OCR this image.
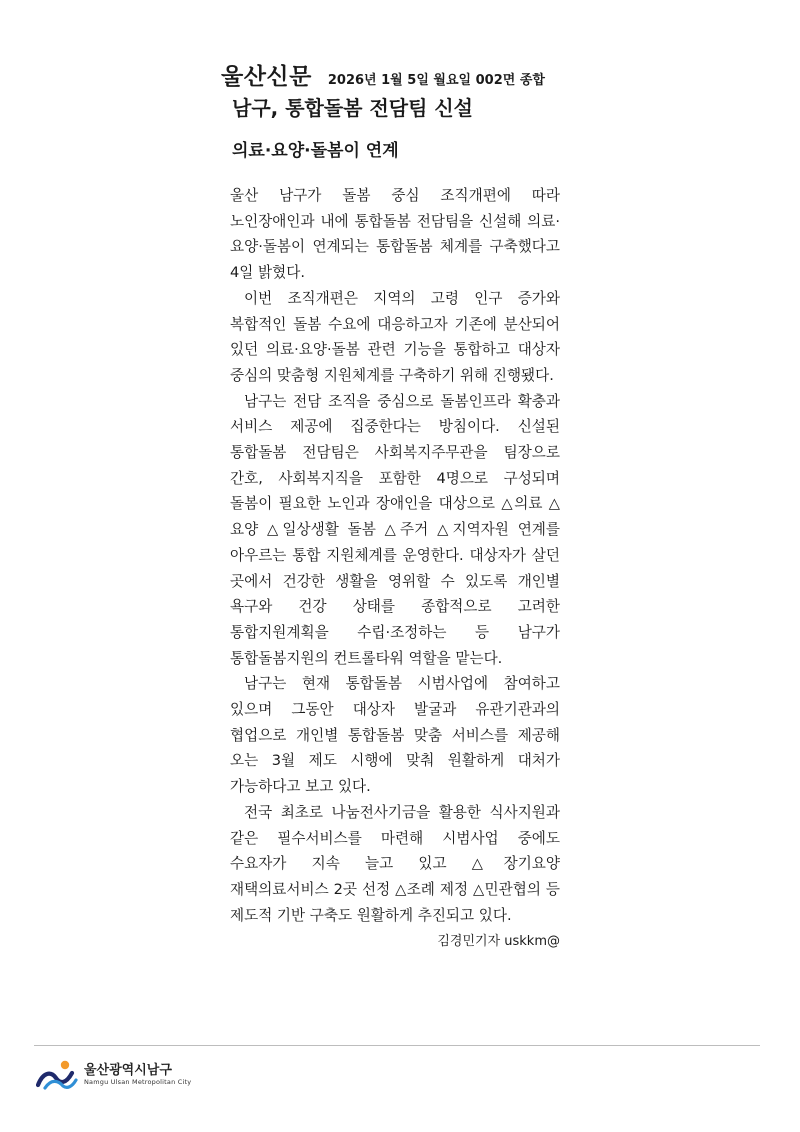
울산신문 2026년 1월 5일 월요일 002면 종합
남구, 통합돌봄 전담팀 신설
의료·요양·돌봄이 연계

울산 남구가 돌봄 중심 조직개편에 따라 노인장애인과 내에 통합돌봄 전담팀을 신설해 의료·요양·돌봄이 연계되는 통합돌봄 체계를 구축했다고 4일 밝혔다.

이번 조직개편은 지역의 고령 인구 증가와 복합적인 돌봄 수요에 대응하고자 기존에 분산되어 있던 의료·요양·돌봄 관련 기능을 통합하고 대상자 중심의 맞춤형 지원체계를 구축하기 위해 진행됐다.

남구는 전담 조직을 중심으로 돌봄인프라 확충과 서비스 제공에 집중한다는 방침이다. 신설된 통합돌봄 전담팀은 사회복지주무관을 팀장으로 간호, 사회복지직을 포함한 4명으로 구성되며 돌봄이 필요한 노인과 장애인을 대상으로 △의료 △요양 △일상생활 돌봄 △주거 △지역자원 연계를 아우르는 통합 지원체계를 운영한다. 대상자가 살던 곳에서 건강한 생활을 영위할 수 있도록 개인별 욕구와 건강 상태를 종합적으로 고려한 통합지원계획을 수립·조정하는 등 남구가 통합돌봄지원의 컨트롤타워 역할을 맡는다.

남구는 현재 통합돌봄 시범사업에 참여하고 있으며 그동안 대상자 발굴과 유관기관과의 협업으로 개인별 통합돌봄 맞춤 서비스를 제공해 오는 3월 제도 시행에 맞춰 원활하게 대처가 가능하다고 보고 있다.

전국 최초로 나눔전사기금을 활용한 식사지원과 같은 필수서비스를 마련해 시범사업 중에도 수요자가 지속 늘고 있고 △장기요양 재택의료서비스 2곳 선정 △조례 제정 △민관협의 등 제도적 기반 구축도 원활하게 추진되고 있다.

김경민기자 uskkm@
울산광역시남구
Namgu Ulsan Metropolitan City
